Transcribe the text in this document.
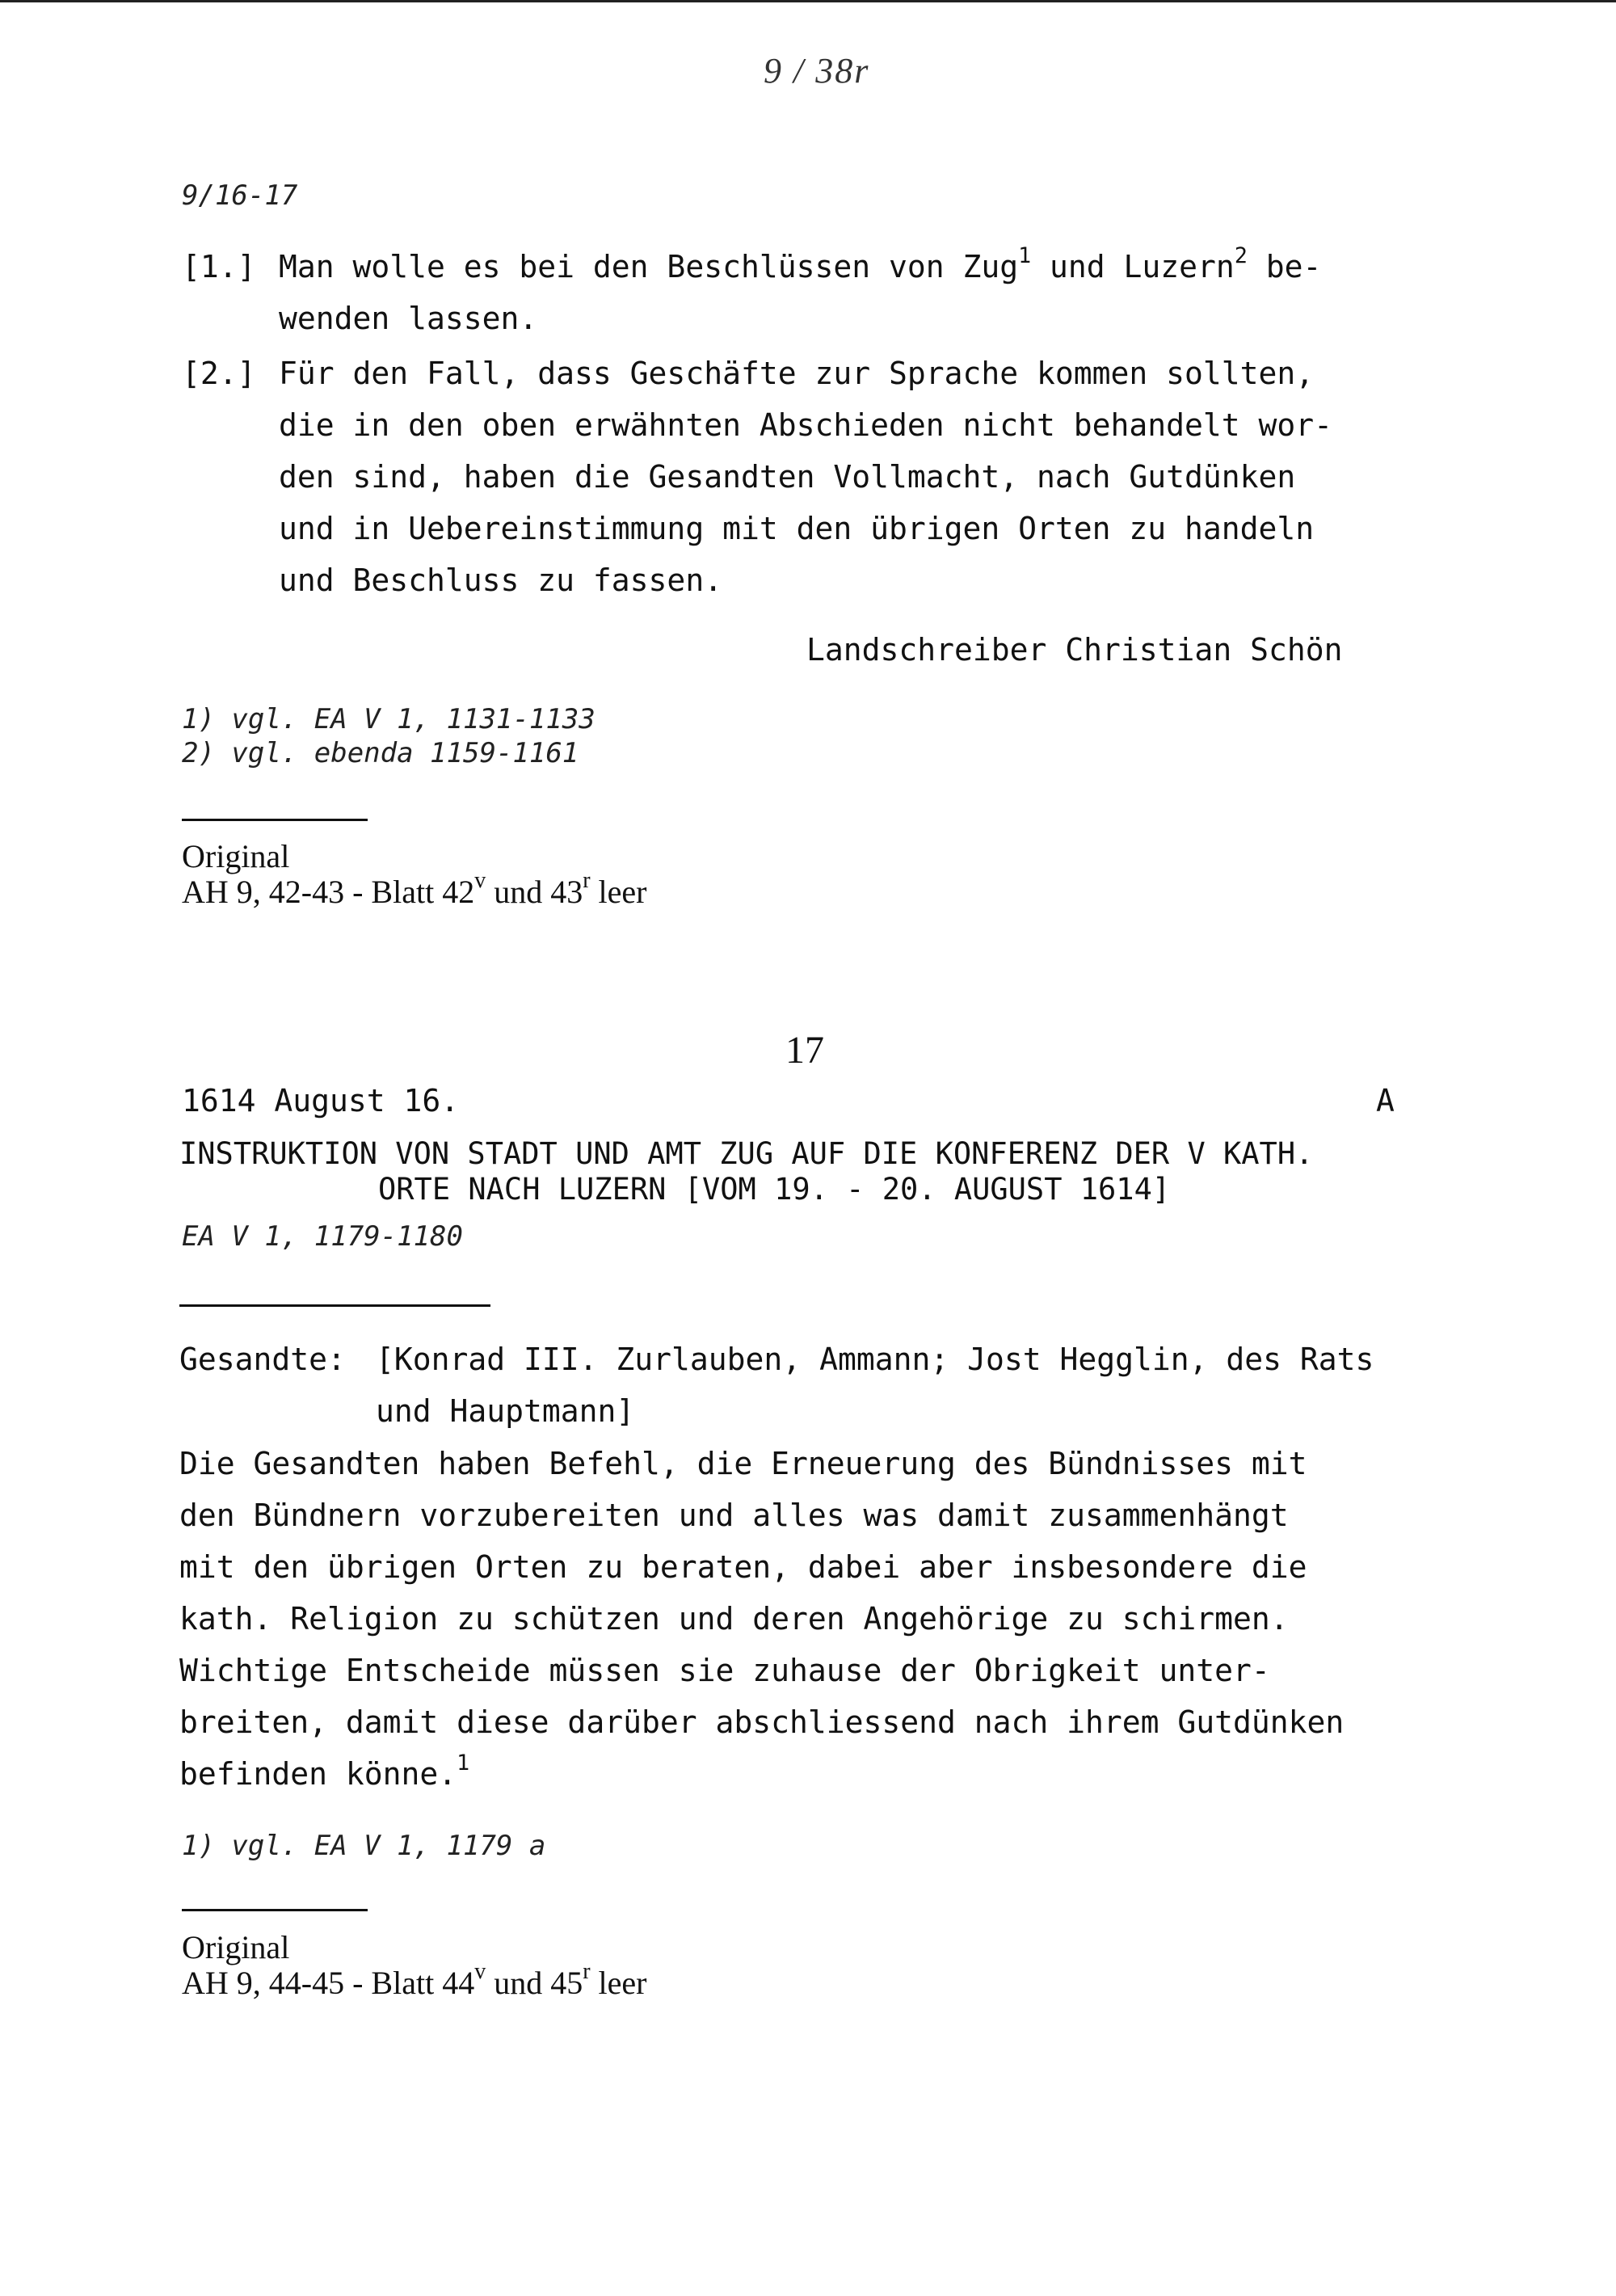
9 / 38r
9/16-17
[1.] Man wolle es bei den Beschlüssen von Zug$^1$ und Luzern$^2$ be-
wenden lassen.
[2.] Für den Fall, dass Geschäfte zur Sprache kommen sollten,
die in den oben erwähnten Abschieden nicht behandelt wor-
den sind, haben die Gesandten Vollmacht, nach Gutdünken
und in Uebereinstimmung mit den übrigen Orten zu handeln
und Beschluss zu fassen.
Landschreiber Christian Schön
1) vgl. EA V 1, 1131-1133
2) vgl. ebenda 1159-1161
Original
AH 9, 42-43 - Blatt 42$^v$ und 43$^r$ leer
17
1614 August 16.	A
INSTRUKTION VON STADT UND AMT ZUG AUF DIE KONFERENZ DER V KATH.
ORTE NACH LUZERN [VOM 19. - 20. AUGUST 1614]
EA V 1, 1179-1180
Gesandte: [Konrad III. Zurlauben, Ammann; Jost Hegglin, des Rats
und Hauptmann]
Die Gesandten haben Befehl, die Erneuerung des Bündnisses mit
den Bündnern vorzubereiten und alles was damit zusammenhängt
mit den übrigen Orten zu beraten, dabei aber insbesondere die
kath. Religion zu schützen und deren Angehörige zu schirmen.
Wichtige Entscheide müssen sie zuhause der Obrigkeit unter-
breiten, damit diese darüber abschliessend nach ihrem Gutdünken
befinden könne.$^1$
1) vgl. EA V 1, 1179 a
Original
AH 9, 44-45 - Blatt 44$^v$ und 45$^r$ leer
